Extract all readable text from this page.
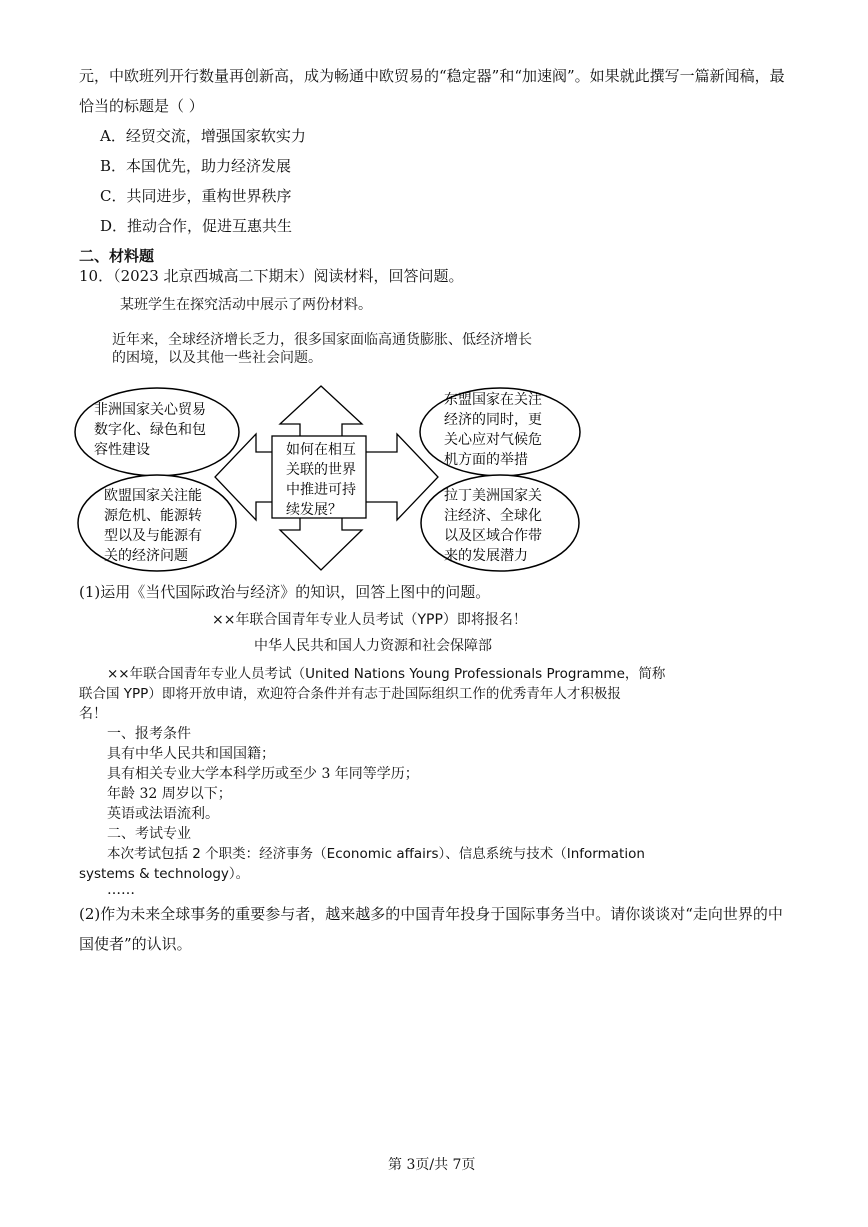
元，中欧班列开行数量再创新高，成为畅通中欧贸易的“稳定器”和“加速阀”。如果就此撰写一篇新闻稿，最
恰当的标题是（ ）
A．经贸交流，增强国家软实力
B．本国优先，助力经济发展
C．共同进步，重构世界秩序
D．推动合作，促进互惠共生
二、材料题
10．（2023 北京西城高二下期末）阅读材料，回答问题。
某班学生在探究活动中展示了两份材料。
近年来，全球经济增长乏力，很多国家面临高通货膨胀、低经济增长
的困境，以及其他一些社会问题。
如何在相互
关联的世界
中推进可持
续发展？
非洲国家关心贸易
数字化、绿色和包
容性建设
东盟国家在关注
经济的同时，更
关心应对气候危
机方面的举措
欧盟国家关注能
源危机、能源转
型以及与能源有
关的经济问题
拉丁美洲国家关
注经济、全球化
以及区域合作带
来的发展潜力
(1)运用《当代国际政治与经济》的知识，回答上图中的问题。
××年联合国青年专业人员考试（YPP）即将报名！
中华人民共和国人力资源和社会保障部
××年联合国青年专业人员考试（United Nations Young Professionals Programme，简称
联合国 YPP）即将开放申请，欢迎符合条件并有志于赴国际组织工作的优秀青年人才积极报
名！
一、报考条件
具有中华人民共和国国籍；
具有相关专业大学本科学历或至少 3 年同等学历；
年龄 32 周岁以下；
英语或法语流利。
二、考试专业
本次考试包括 2 个职类：经济事务（Economic affairs）、信息系统与技术（Information
systems & technology）。
……
(2)作为未来全球事务的重要参与者，越来越多的中国青年投身于国际事务当中。请你谈谈对“走向世界的中
国使者”的认识。
第 3页/共 7页
